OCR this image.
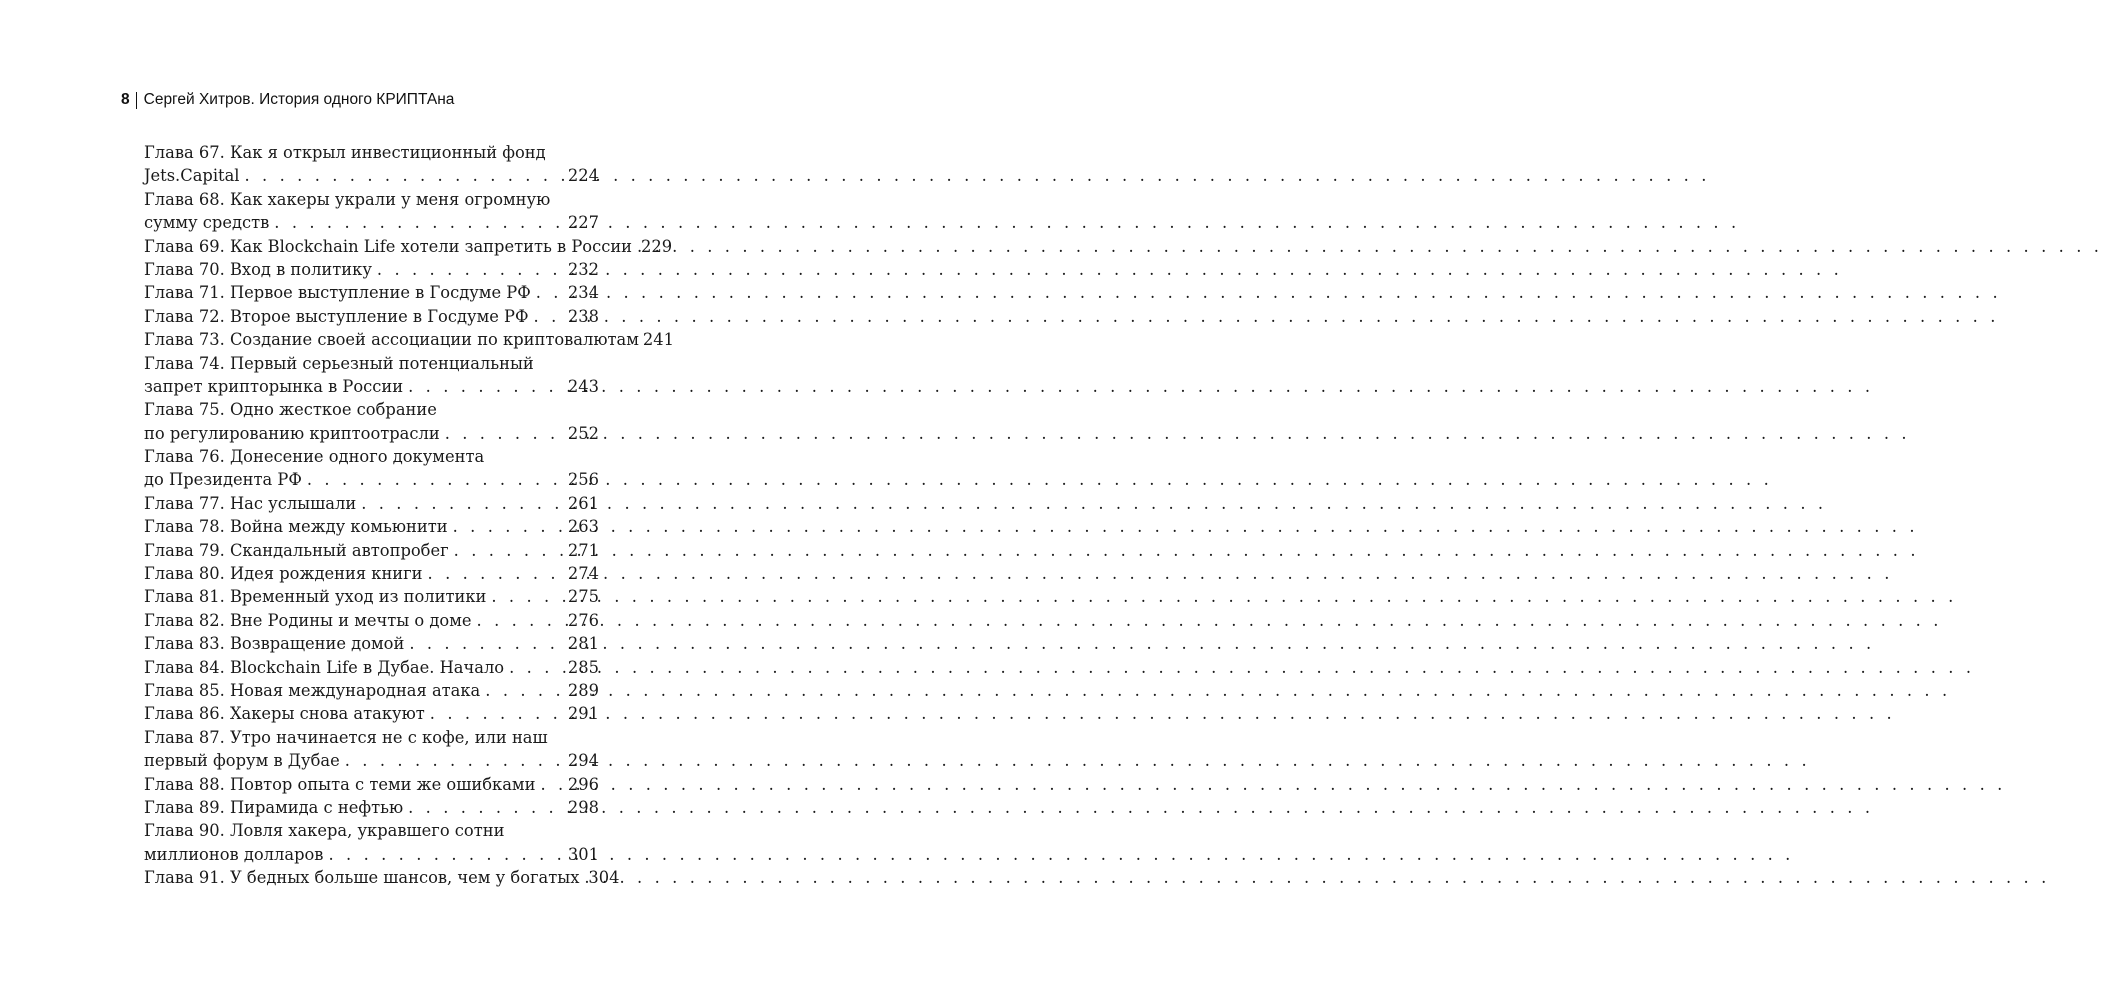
8 Сергей Хитров. История одного КРИПТАна
Глава 67. Как я открыл инвестиционный фонд
Jets.Capital . . .	224
Глава 68. Как хакеры украли у меня огромную
сумму средств . . .	227
Глава 69. Как Blockchain Life хотели запретить в России . . . 229
Глава 70. Вход в политику . . .	232
Глава 71. Первое выступление в Госдуме РФ . . . 234
Глава 72. Второе выступление в Госдуме РФ . . . 238
Глава 73. Создание своей ассоциации по криптовалютам 241
Глава 74. Первый серьезный потенциальный
запрет крипторынка в России . . .	243
Глава 75. Одно жесткое собрание
по регулированию криптоотрасли . . .	252
Глава 76. Донесение одного документа
до Президента РФ . . .	256
Глава 77. Нас услышали . . .	261
Глава 78. Война между комьюнити . . .	263
Глава 79. Скандальный автопробег . . .	271
Глава 80. Идея рождения книги . . .	274
Глава 81. Временный уход из политики . . .	275
Глава 82. Вне Родины и мечты о доме . . .	276
Глава 83. Возвращение домой . . .	281
Глава 84. Blockchain Life в Дубае. Начало . . .	285
Глава 85. Новая международная атака . . .	289
Глава 86. Хакеры снова атакуют . . .	291
Глава 87. Утро начинается не с кофе, или наш
первый форум в Дубае . . .	294
Глава 88. Повтор опыта с теми же ошибками . . . 296
Глава 89. Пирамида с нефтью . . .	298
Глава 90. Ловля хакера, укравшего сотни
миллионов долларов . . .	301
Глава 91. У бедных больше шансов, чем у богатых . . . 304
